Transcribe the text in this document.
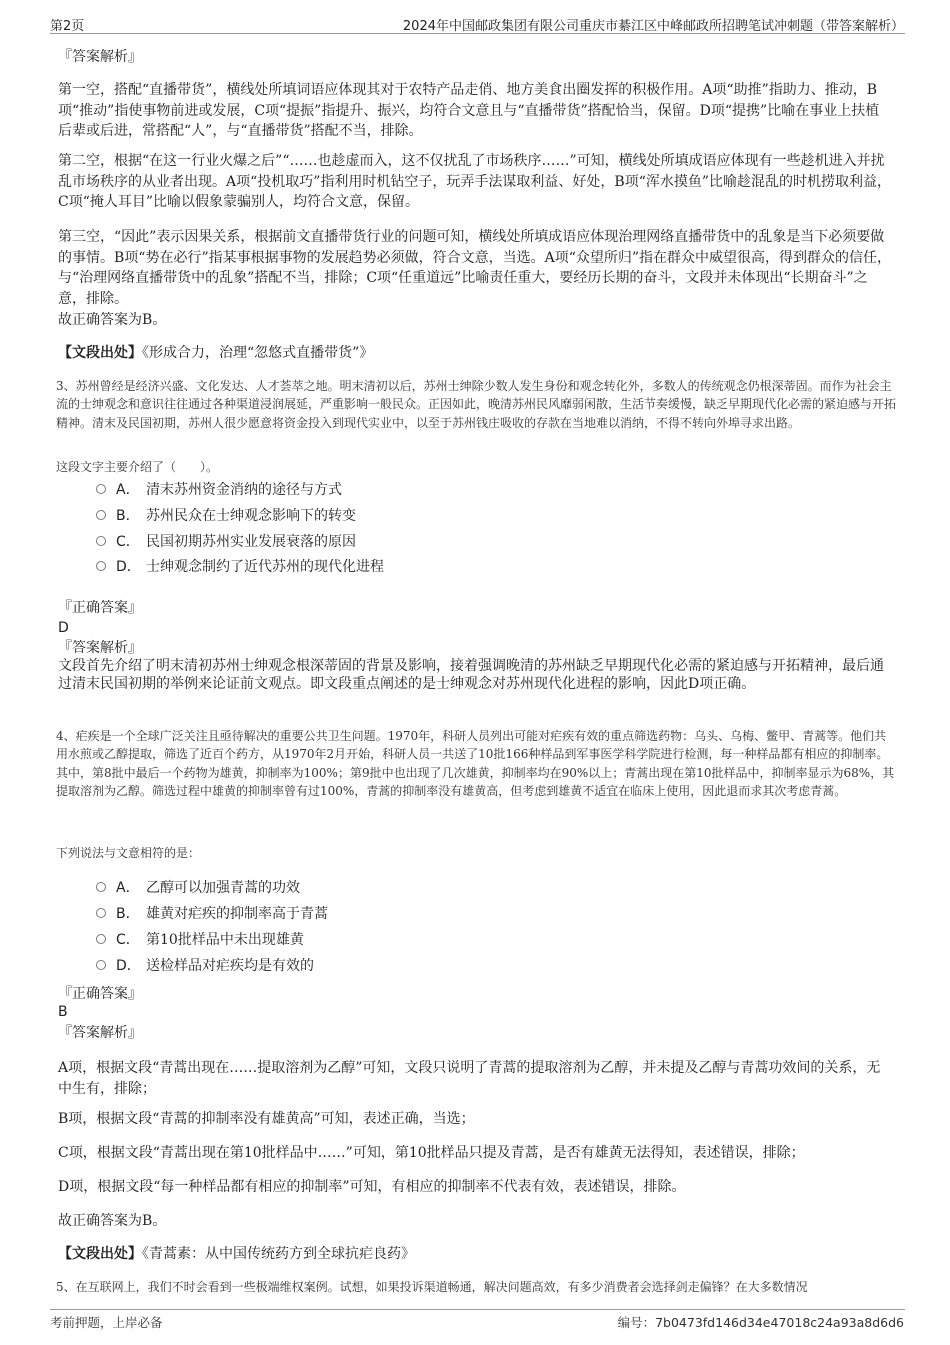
第2页	2024年中国邮政集团有限公司重庆市綦江区中峰邮政所招聘笔试冲刺题（带答案解析）
『答案解析』

第一空，搭配“直播带货”，横线处所填词语应体现其对于农特产品走俏、地方美食出圈发挥的积极作用。A项“助推”指助力、推动，B项“推动”指使事物前进或发展，C项“提振”指提升、振兴，均符合文意且与“直播带货”搭配恰当，保留。D项“提携”比喻在事业上扶植后辈或后进，常搭配“人”，与“直播带货”搭配不当，排除。

第二空，根据“在这一行业火爆之后”“……也趁虚而入，这不仅扰乱了市场秩序……”可知，横线处所填成语应体现有一些趁机进入并扰乱市场秩序的从业者出现。A项“投机取巧”指利用时机钻空子，玩弄手法谋取利益、好处，B项“浑水摸鱼”比喻趁混乱的时机捞取利益，C项“掩人耳目”比喻以假象蒙骗别人，均符合文意，保留。

第三空，“因此”表示因果关系，根据前文直播带货行业的问题可知，横线处所填成语应体现治理网络直播带货中的乱象是当下必须要做的事情。B项“势在必行”指某事根据事物的发展趋势必须做，符合文意，当选。A项“众望所归”指在群众中威望很高，得到群众的信任，与“治理网络直播带货中的乱象”搭配不当，排除；C项“任重道远”比喻责任重大，要经历长期的奋斗，文段并未体现出“长期奋斗”之意，排除。

故正确答案为B。
【文段出处】《形成合力，治理“忽悠式直播带货”》

3、苏州曾经是经济兴盛、文化发达、人才荟萃之地。明末清初以后，苏州士绅除少数人发生身份和观念转化外，多数人的传统观念仍根深蒂固。而作为社会主流的士绅观念和意识往往通过各种渠道浸润展延，严重影响一般民众。正因如此，晚清苏州民风靡弱闲散，生活节奏缓慢，缺乏早期现代化必需的紧迫感与开拓精神。清末及民国初期，苏州人很少愿意将资金投入到现代实业中，以至于苏州钱庄吸收的存款在当地难以消纳，不得不转向外埠寻求出路。

这段文字主要介绍了（　　）。
A． 清末苏州资金消纳的途径与方式
B． 苏州民众在士绅观念影响下的转变
C． 民国初期苏州实业发展衰落的原因
D． 士绅观念制约了近代苏州的现代化进程
『正确答案』
D
『答案解析』

文段首先介绍了明末清初苏州士绅观念根深蒂固的背景及影响，接着强调晚清的苏州缺乏早期现代化必需的紧迫感与开拓精神，最后通过清末民国初期的举例来论证前文观点。即文段重点阐述的是士绅观念对苏州现代化进程的影响，因此D项正确。

4、疟疾是一个全球广泛关注且亟待解决的重要公共卫生问题。1970年，科研人员列出可能对疟疾有效的重点筛选药物：乌头、乌梅、鳖甲、青蒿等。他们共用水煎或乙醇提取，筛选了近百个药方，从1970年2月开始，科研人员一共送了10批166种样品到军事医学科学院进行检测，每一种样品都有相应的抑制率。其中，第8批中最后一个药物为雄黄，抑制率为100%；第9批中也出现了几次雄黄，抑制率均在90%以上；青蒿出现在第10批样品中，抑制率显示为68%，其提取溶剂为乙醇。筛选过程中雄黄的抑制率曾有过100%，青蒿的抑制率没有雄黄高，但考虑到雄黄不适宜在临床上使用，因此退而求其次考虑青蒿。

下列说法与文意相符的是：
A． 乙醇可以加强青蒿的功效
B． 雄黄对疟疾的抑制率高于青蒿
C． 第10批样品中未出现雄黄
D． 送检样品对疟疾均是有效的
『正确答案』
B
『答案解析』

A项，根据文段“青蒿出现在……提取溶剂为乙醇”可知，文段只说明了青蒿的提取溶剂为乙醇，并未提及乙醇与青蒿功效间的关系，无中生有，排除；

B项，根据文段“青蒿的抑制率没有雄黄高”可知，表述正确，当选；

C项，根据文段“青蒿出现在第10批样品中……”可知，第10批样品只提及青蒿，是否有雄黄无法得知，表述错误，排除；

D项，根据文段“每一种样品都有相应的抑制率”可知，有相应的抑制率不代表有效，表述错误，排除。

故正确答案为B。
【文段出处】《青蒿素：从中国传统药方到全球抗疟良药》
5、在互联网上，我们不时会看到一些极端维权案例。试想，如果投诉渠道畅通，解决问题高效，有多少消费者会选择剑走偏锋？在大多数情况
考前押题，上岸必备	编号：7b0473fd146d34e47018c24a93a8d6d6
